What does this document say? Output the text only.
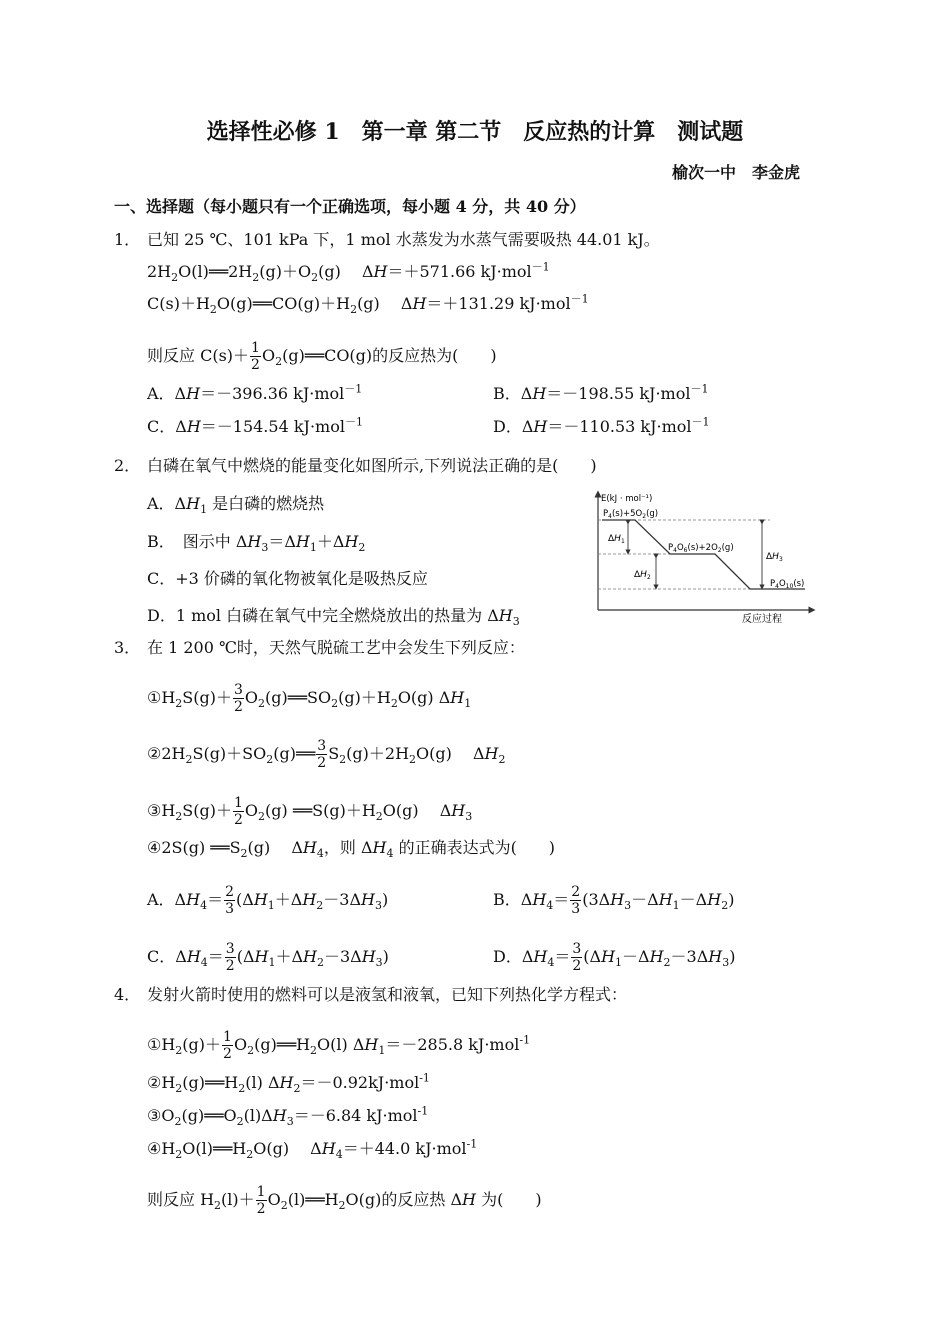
选择性必修 1　第一章 第二节　反应热的计算　测试题
榆次一中　李金虎
一、选择题（每小题只有一个正确选项，每小题 4 分，共 40 分）
1． 已知 25 ℃、101 kPa 下，1 mol 水蒸发为水蒸气需要吸热 44.01 kJ。
$2H_2O(l)══2H_2(g)+O_2(g)$　 ΔH＝＋571.66 kJ·mol$^{-1}$
$C(s)+H_2O(g)══CO(g)+H_2(g)$　 ΔH＝＋131.29 kJ·mol$^{-1}$
则反应 $C(s)+ \frac{1}{2}$ $O_2(g)══CO(g)$的反应热为(　　)
A．ΔH＝－396.36 kJ·mol$^{-1}$	B．ΔH＝－198.55 kJ·mol$^{-1}$
C．ΔH＝－154.54 kJ·mol$^{-1}$	D．ΔH＝－110.53 kJ·mol$^{-1}$
2． 白磷在氧气中燃烧的能量变化如图所示,下列说法正确的是(　　)
A．$\Delta H_1$ 是白磷的燃烧热
B．　图示中 $\Delta H_3=\Delta H_1+\Delta H_2$
C．+3 价磷的氧化物被氧化是吸热反应
D．1 mol 白磷在氧气中完全燃烧放出的热量为 $\Delta H_3$
E(kJ · mol⁻¹)
反应过程
$P_4(s)+5O_2(g)$
$P_4O_6(s)+2O_2(g)$
$P_4O_{10}(s)$
$\Delta H_1$
$\Delta H_2$
$\Delta H_3$
3． 在 1 200 ℃时，天然气脱硫工艺中会发生下列反应：
$①H_2S(g)+ \frac{3}{2}$ $O_2(g)══SO_2(g)+H_2O(g)$ $\Delta H_1$
$②2H_2S(g)+SO_2(g)══ \frac{3}{2} S_2(g)+2H_2O(g)$　 $\Delta H_2$
$③H_2S(g)+ \frac{1}{2} O_2(g)$ $══S(g)+H_2O(g)$　 $\Delta H_3$
④2S(g) $══S_2(g)$　 $\Delta H_4$，则 $\Delta H_4$ 的正确表达式为(　　)
A．$\Delta H_4= \frac{2}{3} (\Delta H_1+\Delta H_2-3\Delta H_3)$	B．$\Delta H_4= \frac{2}{3} (3\Delta H_3-\Delta H_1-\Delta H_2)$
C．$\Delta H_4= \frac{3}{2} (\Delta H_1+\Delta H_2-3\Delta H_3)$	D．$\Delta H_4= \frac{3}{2} (\Delta H_1-\Delta H_2-3\Delta H_3)$
4． 发射火箭时使用的燃料可以是液氢和液氧，已知下列热化学方程式：
$①H_2(g)+ \frac{1}{2}$ $O_2(g)══H_2O(l)$ $\Delta H_1=-285.8$ kJ·mol$^{-1}$
$②H_2(g)══H_2(l)$ $\Delta H_2=-0.92kJ\cdot mol^{-1}$
$③O_2(g)══O_2(l)\Delta H_3=-6.84$ kJ·mol$^{-1}$
$④H_2O(l)══H_2O(g)$　 $\Delta H_4=+44.0$ kJ·mol$^{-1}$
则反应 $H_2(l)+ \frac{1}{2}$ $O_2(l)══H_2O(g)$的反应热 ΔH 为(　　)
